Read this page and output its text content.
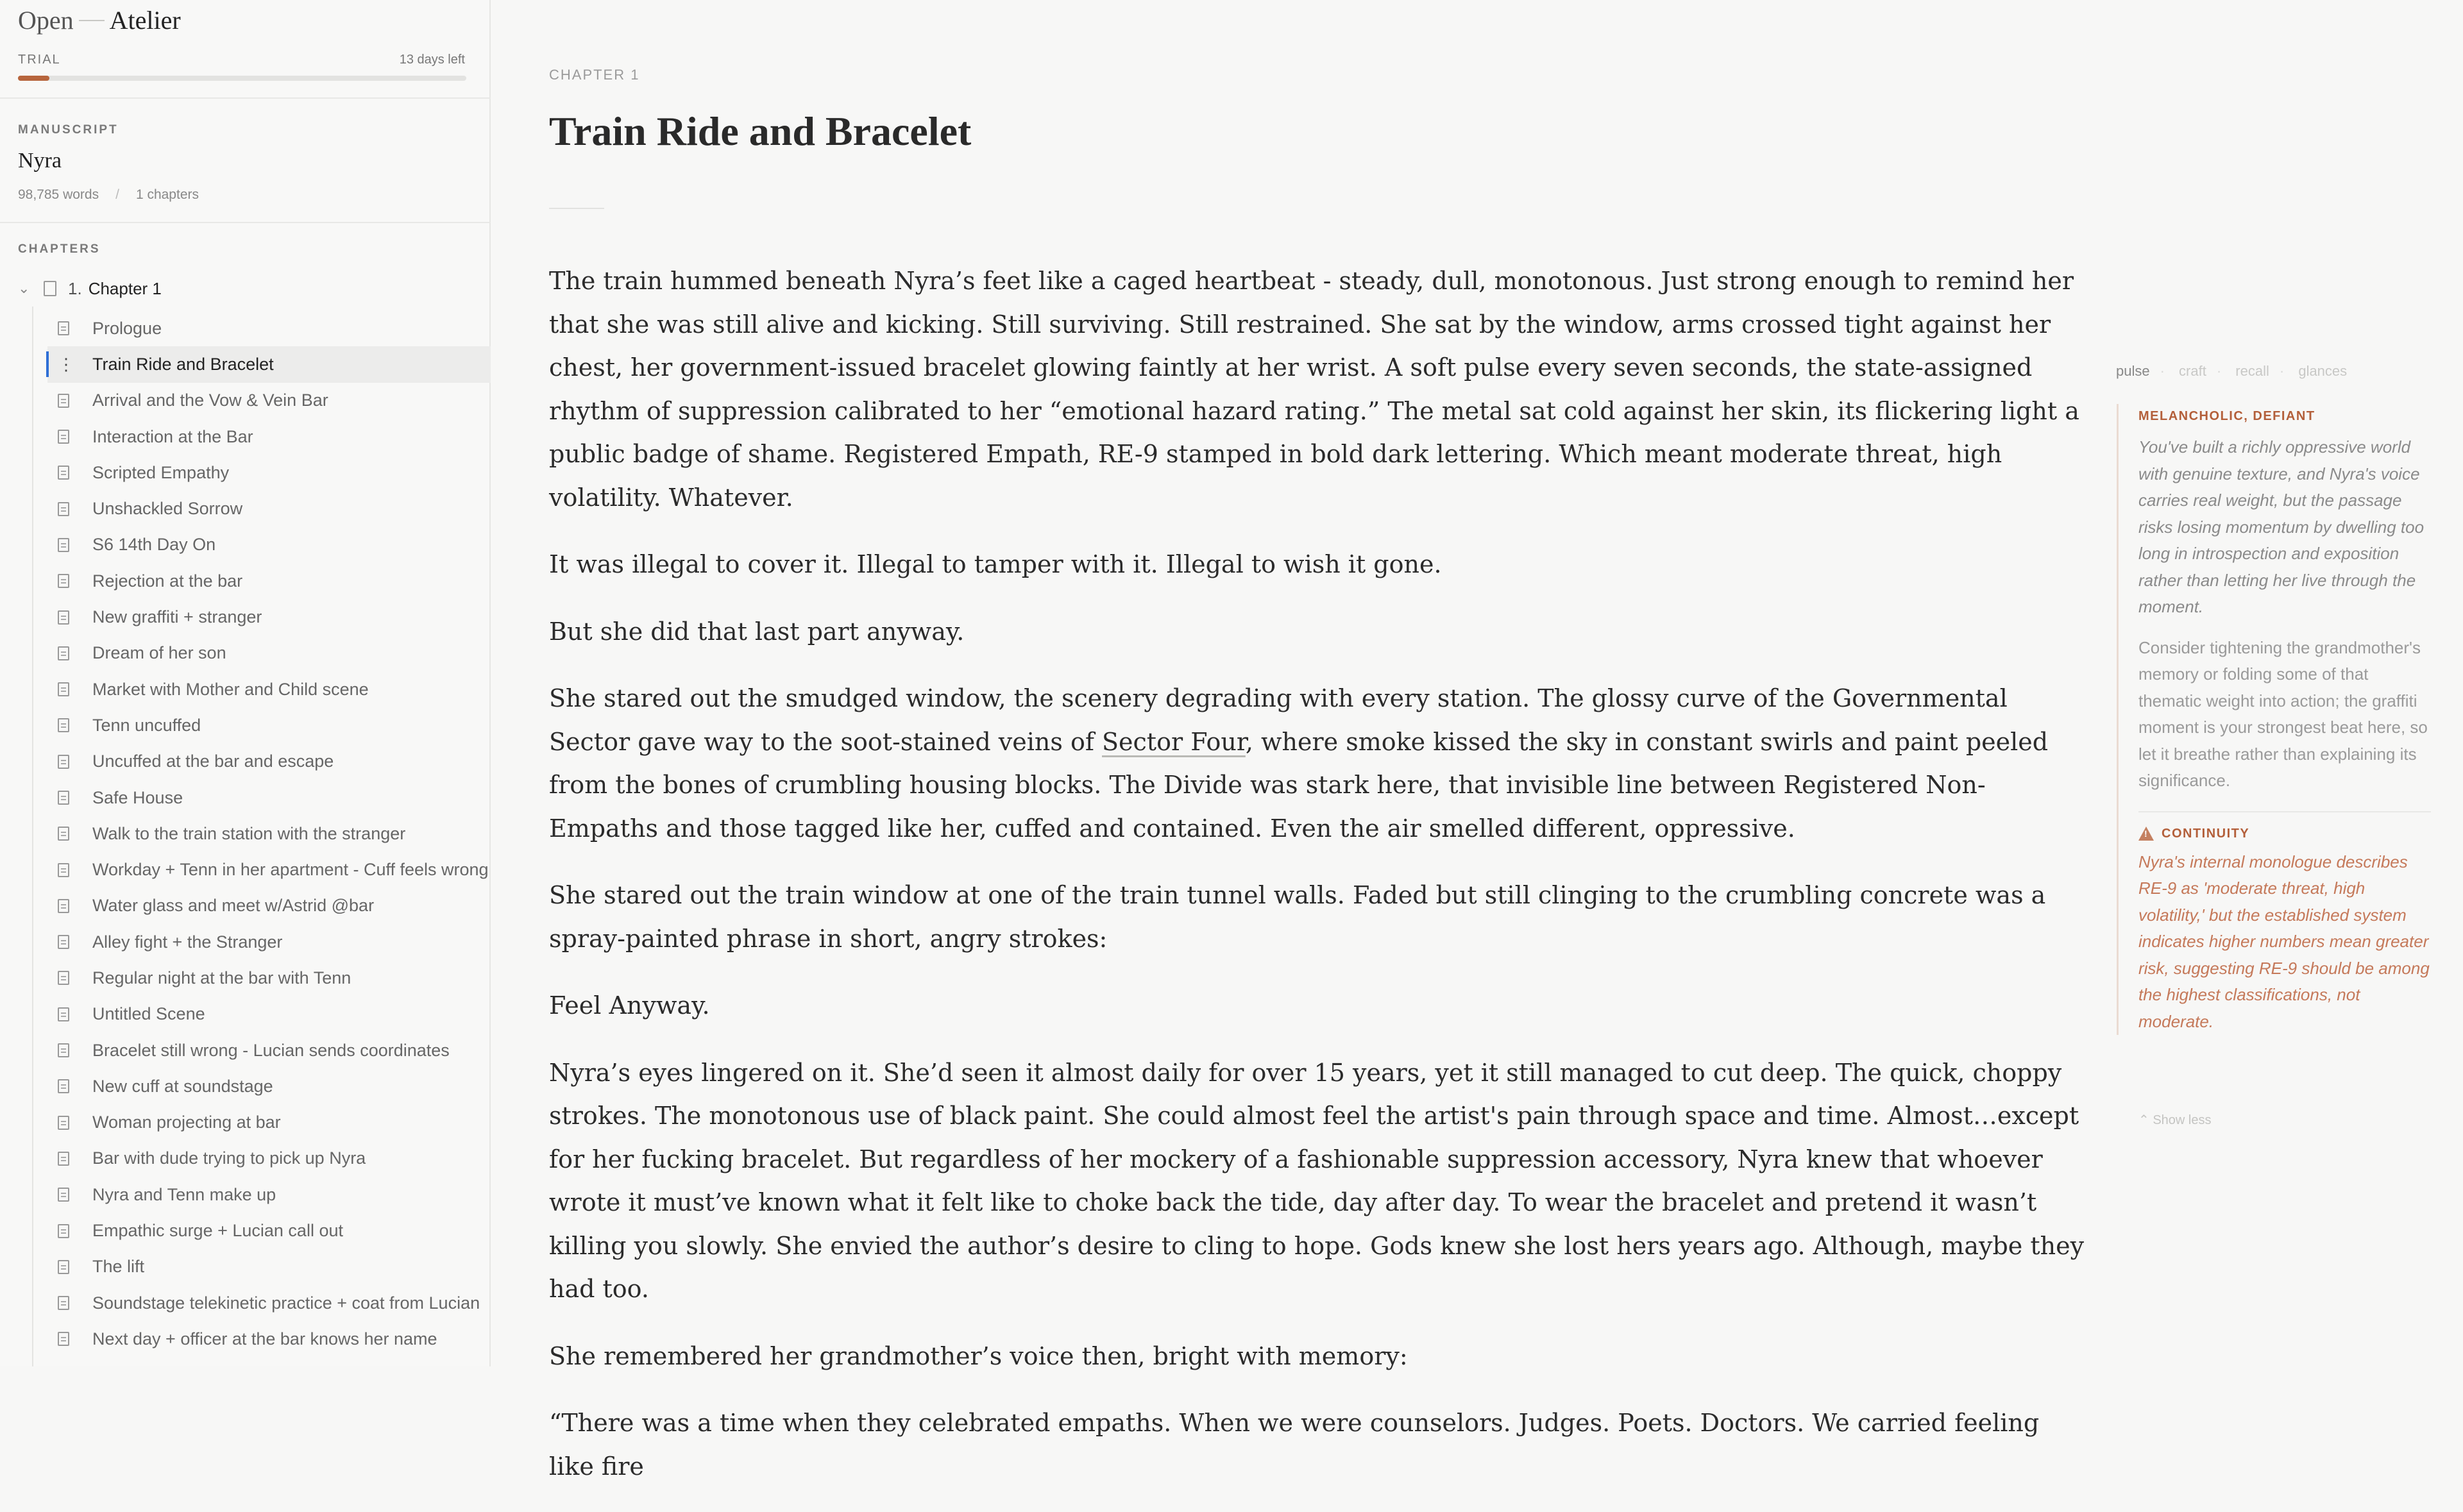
Open Atelier
TRIAL	13 days left
MANUSCRIPT
Nyra
98,785 words / 1 chapters
CHAPTERS
⌄	1. Chapter 1
Prologue
⋮ Train Ride and Bracelet
Arrival and the Vow & Vein Bar
Interaction at the Bar
Scripted Empathy
Unshackled Sorrow
S6 14th Day On
Rejection at the bar
New graffiti + stranger
Dream of her son
Market with Mother and Child scene
Tenn uncuffed
Uncuffed at the bar and escape
Safe House
Walk to the train station with the stranger
Workday + Tenn in her apartment - Cuff feels wrong
Water glass and meet w/Astrid @bar
Alley fight + the Stranger
Regular night at the bar with Tenn
Untitled Scene
Bracelet still wrong - Lucian sends coordinates
New cuff at soundstage
Woman projecting at bar
Bar with dude trying to pick up Nyra
Nyra and Tenn make up
Empathic surge + Lucian call out
The lift
Soundstage telekinetic practice + coat from Lucian
Next day + officer at the bar knows her name
CHAPTER 1
Train Ride and Bracelet

The train hummed beneath Nyra’s feet like a caged heartbeat - steady, dull, monotonous. Just strong enough to remind her that she was still alive and kicking. Still surviving. Still restrained. She sat by the window, arms crossed tight against her chest, her government-issued bracelet glowing faintly at her wrist. A soft pulse every seven seconds, the state-assigned rhythm of suppression calibrated to her “emotional hazard rating.” The metal sat cold against her skin, its flickering light a public badge of shame. Registered Empath, RE-9 stamped in bold dark lettering. Which meant moderate threat, high volatility. Whatever.

It was illegal to cover it. Illegal to tamper with it. Illegal to wish it gone.

But she did that last part anyway.

She stared out the smudged window, the scenery degrading with every station. The glossy curve of the Governmental Sector gave way to the soot-stained veins of Sector Four, where smoke kissed the sky in constant swirls and paint peeled from the bones of crumbling housing blocks. The Divide was stark here, that invisible line between Registered Non-Empaths and those tagged like her, cuffed and contained. Even the air smelled different, oppressive.

She stared out the train window at one of the train tunnel walls. Faded but still clinging to the crumbling concrete was a spray-painted phrase in short, angry strokes:

Feel Anyway.

Nyra’s eyes lingered on it. She’d seen it almost daily for over 15 years, yet it still managed to cut deep. The quick, choppy strokes. The monotonous use of black paint. She could almost feel the artist's pain through space and time. Almost…except for her fucking bracelet. But regardless of her mockery of a fashionable suppression accessory, Nyra knew that whoever wrote it must’ve known what it felt like to choke back the tide, day after day. To wear the bracelet and pretend it wasn’t killing you slowly. She envied the author’s desire to cling to hope. Gods knew she lost hers years ago. Although, maybe they had too.

She remembered her grandmother’s voice then, bright with memory:

“There was a time when they celebrated empaths. When we were counselors. Judges. Poets. Doctors. We carried feeling like fire

pulse · craft · recall · glances
MELANCHOLIC, DEFIANT
You've built a richly oppressive world with genuine texture, and Nyra's voice carries real weight, but the passage risks losing momentum by dwelling too long in introspection and exposition rather than letting her live through the moment.
Consider tightening the grandmother's memory or folding some of that thematic weight into action; the graffiti moment is your strongest beat here, so let it breathe rather than explaining its significance.
!
CONTINUITY
Nyra's internal monologue describes RE-9 as 'moderate threat, high volatility,' but the established system indicates higher numbers mean greater risk, suggesting RE-9 should be among the highest classifications, not moderate.
⌃ Show less
